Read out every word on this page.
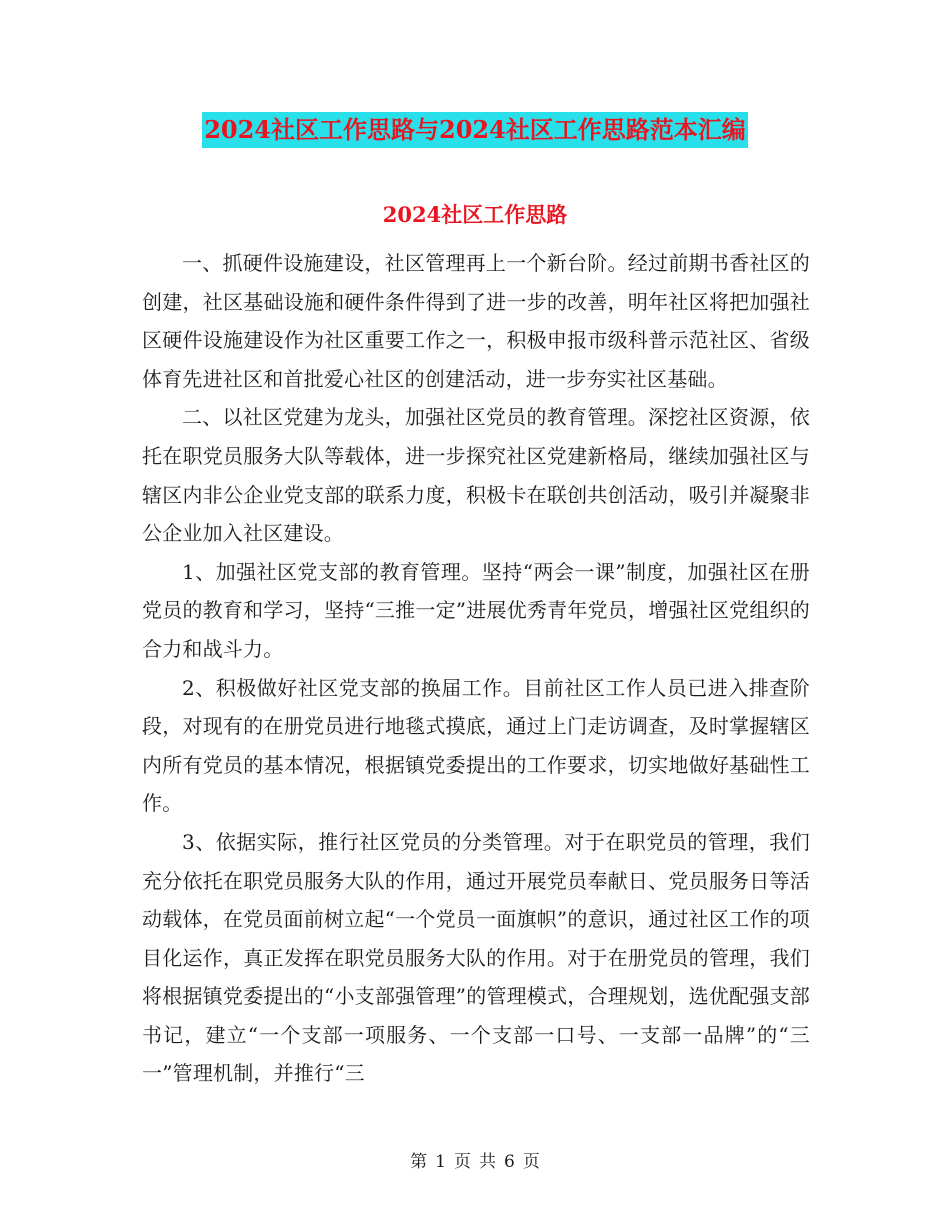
2024社区工作思路与2024社区工作思路范本汇编
2024社区工作思路

一、抓硬件设施建设，社区管理再上一个新台阶。经过前期书香社区的创建，社区基础设施和硬件条件得到了进一步的改善，明年社区将把加强社区硬件设施建设作为社区重要工作之一，积极申报市级科普示范社区、省级体育先进社区和首批爱心社区的创建活动，进一步夯实社区基础。

二、以社区党建为龙头，加强社区党员的教育管理。深挖社区资源，依托在职党员服务大队等载体，进一步探究社区党建新格局，继续加强社区与辖区内非公企业党支部的联系力度，积极卡在联创共创活动，吸引并凝聚非公企业加入社区建设。

1、加强社区党支部的教育管理。坚持“两会一课”制度，加强社区在册党员的教育和学习，坚持“三推一定”进展优秀青年党员，增强社区党组织的合力和战斗力。

2、积极做好社区党支部的换届工作。目前社区工作人员已进入排查阶段，对现有的在册党员进行地毯式摸底，通过上门走访调查，及时掌握辖区内所有党员的基本情况，根据镇党委提出的工作要求，切实地做好基础性工作。

3、依据实际，推行社区党员的分类管理。对于在职党员的管理，我们充分依托在职党员服务大队的作用，通过开展党员奉献日、党员服务日等活动载体，在党员面前树立起“一个党员一面旗帜”的意识，通过社区工作的项目化运作，真正发挥在职党员服务大队的作用。对于在册党员的管理，我们将根据镇党委提出的“小支部强管理”的管理模式，合理规划，选优配强支部书记，建立“一个支部一项服务、一个支部一口号、一支部一品牌”的“三一”管理机制，并推行“三

第 1 页 共 6 页
